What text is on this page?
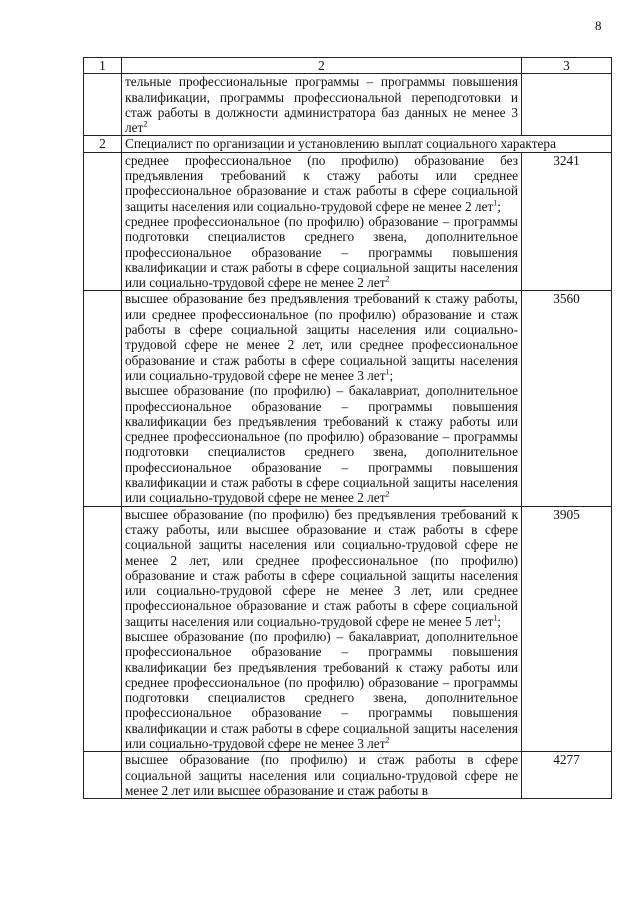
8
1	2	3
	тельные профессиональные программы – программы повышения квалификации, программы профессиональной переподготовки и стаж работы в должности администратора баз данных не менее 3 лет$^2$	
2	Специалист по организации и установлению выплат социального характера	

	среднее профессиональное (по профилю) образование без предъявления требований к стажу работы или среднее профессиональное образование и стаж работы в сфере социальной защиты населения или социально-трудовой сфере не менее 2 лет$^1$;
среднее профессиональное (по профилю) образование – программы подготовки специалистов среднего звена, дополнительное профессиональное образование – программы повышения квалификации и стаж работы в сфере социальной защиты населения или социально-трудовой сфере не менее 2 лет$^2$	3241

	высшее образование без предъявления требований к стажу работы, или среднее профессиональное (по профилю) образование и стаж работы в сфере социальной защиты населения или социально-трудовой сфере не менее 2 лет, или среднее профессиональное образование и стаж работы в сфере социальной защиты населения или социально-трудовой сфере не менее 3 лет$^1$;
высшее образование (по профилю) – бакалавриат, дополнительное профессиональное образование – программы повышения квалификации без предъявления требований к стажу работы или среднее профессиональное (по профилю) образование – программы подготовки специалистов среднего звена, дополнительное профессиональное образование – программы повышения квалификации и стаж работы в сфере социальной защиты населения или социально-трудовой сфере не менее 2 лет$^2$	3560

	высшее образование (по профилю) без предъявления требований к стажу работы, или высшее образование и стаж работы в сфере социальной защиты населения или социально-трудовой сфере не менее 2 лет, или среднее профессиональное (по профилю) образование и стаж работы в сфере социальной защиты населения или социально-трудовой сфере не менее 3 лет, или среднее профессиональное образование и стаж работы в сфере социальной защиты населения или социально-трудовой сфере не менее 5 лет$^1$;
высшее образование (по профилю) – бакалавриат, дополнительное профессиональное образование – программы повышения квалификации без предъявления требований к стажу работы или среднее профессиональное (по профилю) образование – программы подготовки специалистов среднего звена, дополнительное профессиональное образование – программы повышения квалификации и стаж работы в сфере социальной защиты населения или социально-трудовой сфере не менее 3 лет$^2$	3905

	высшее образование (по профилю) и стаж работы в сфере социальной защиты населения или социально-трудовой сфере не менее 2 лет или высшее образование и стаж работы в	4277
